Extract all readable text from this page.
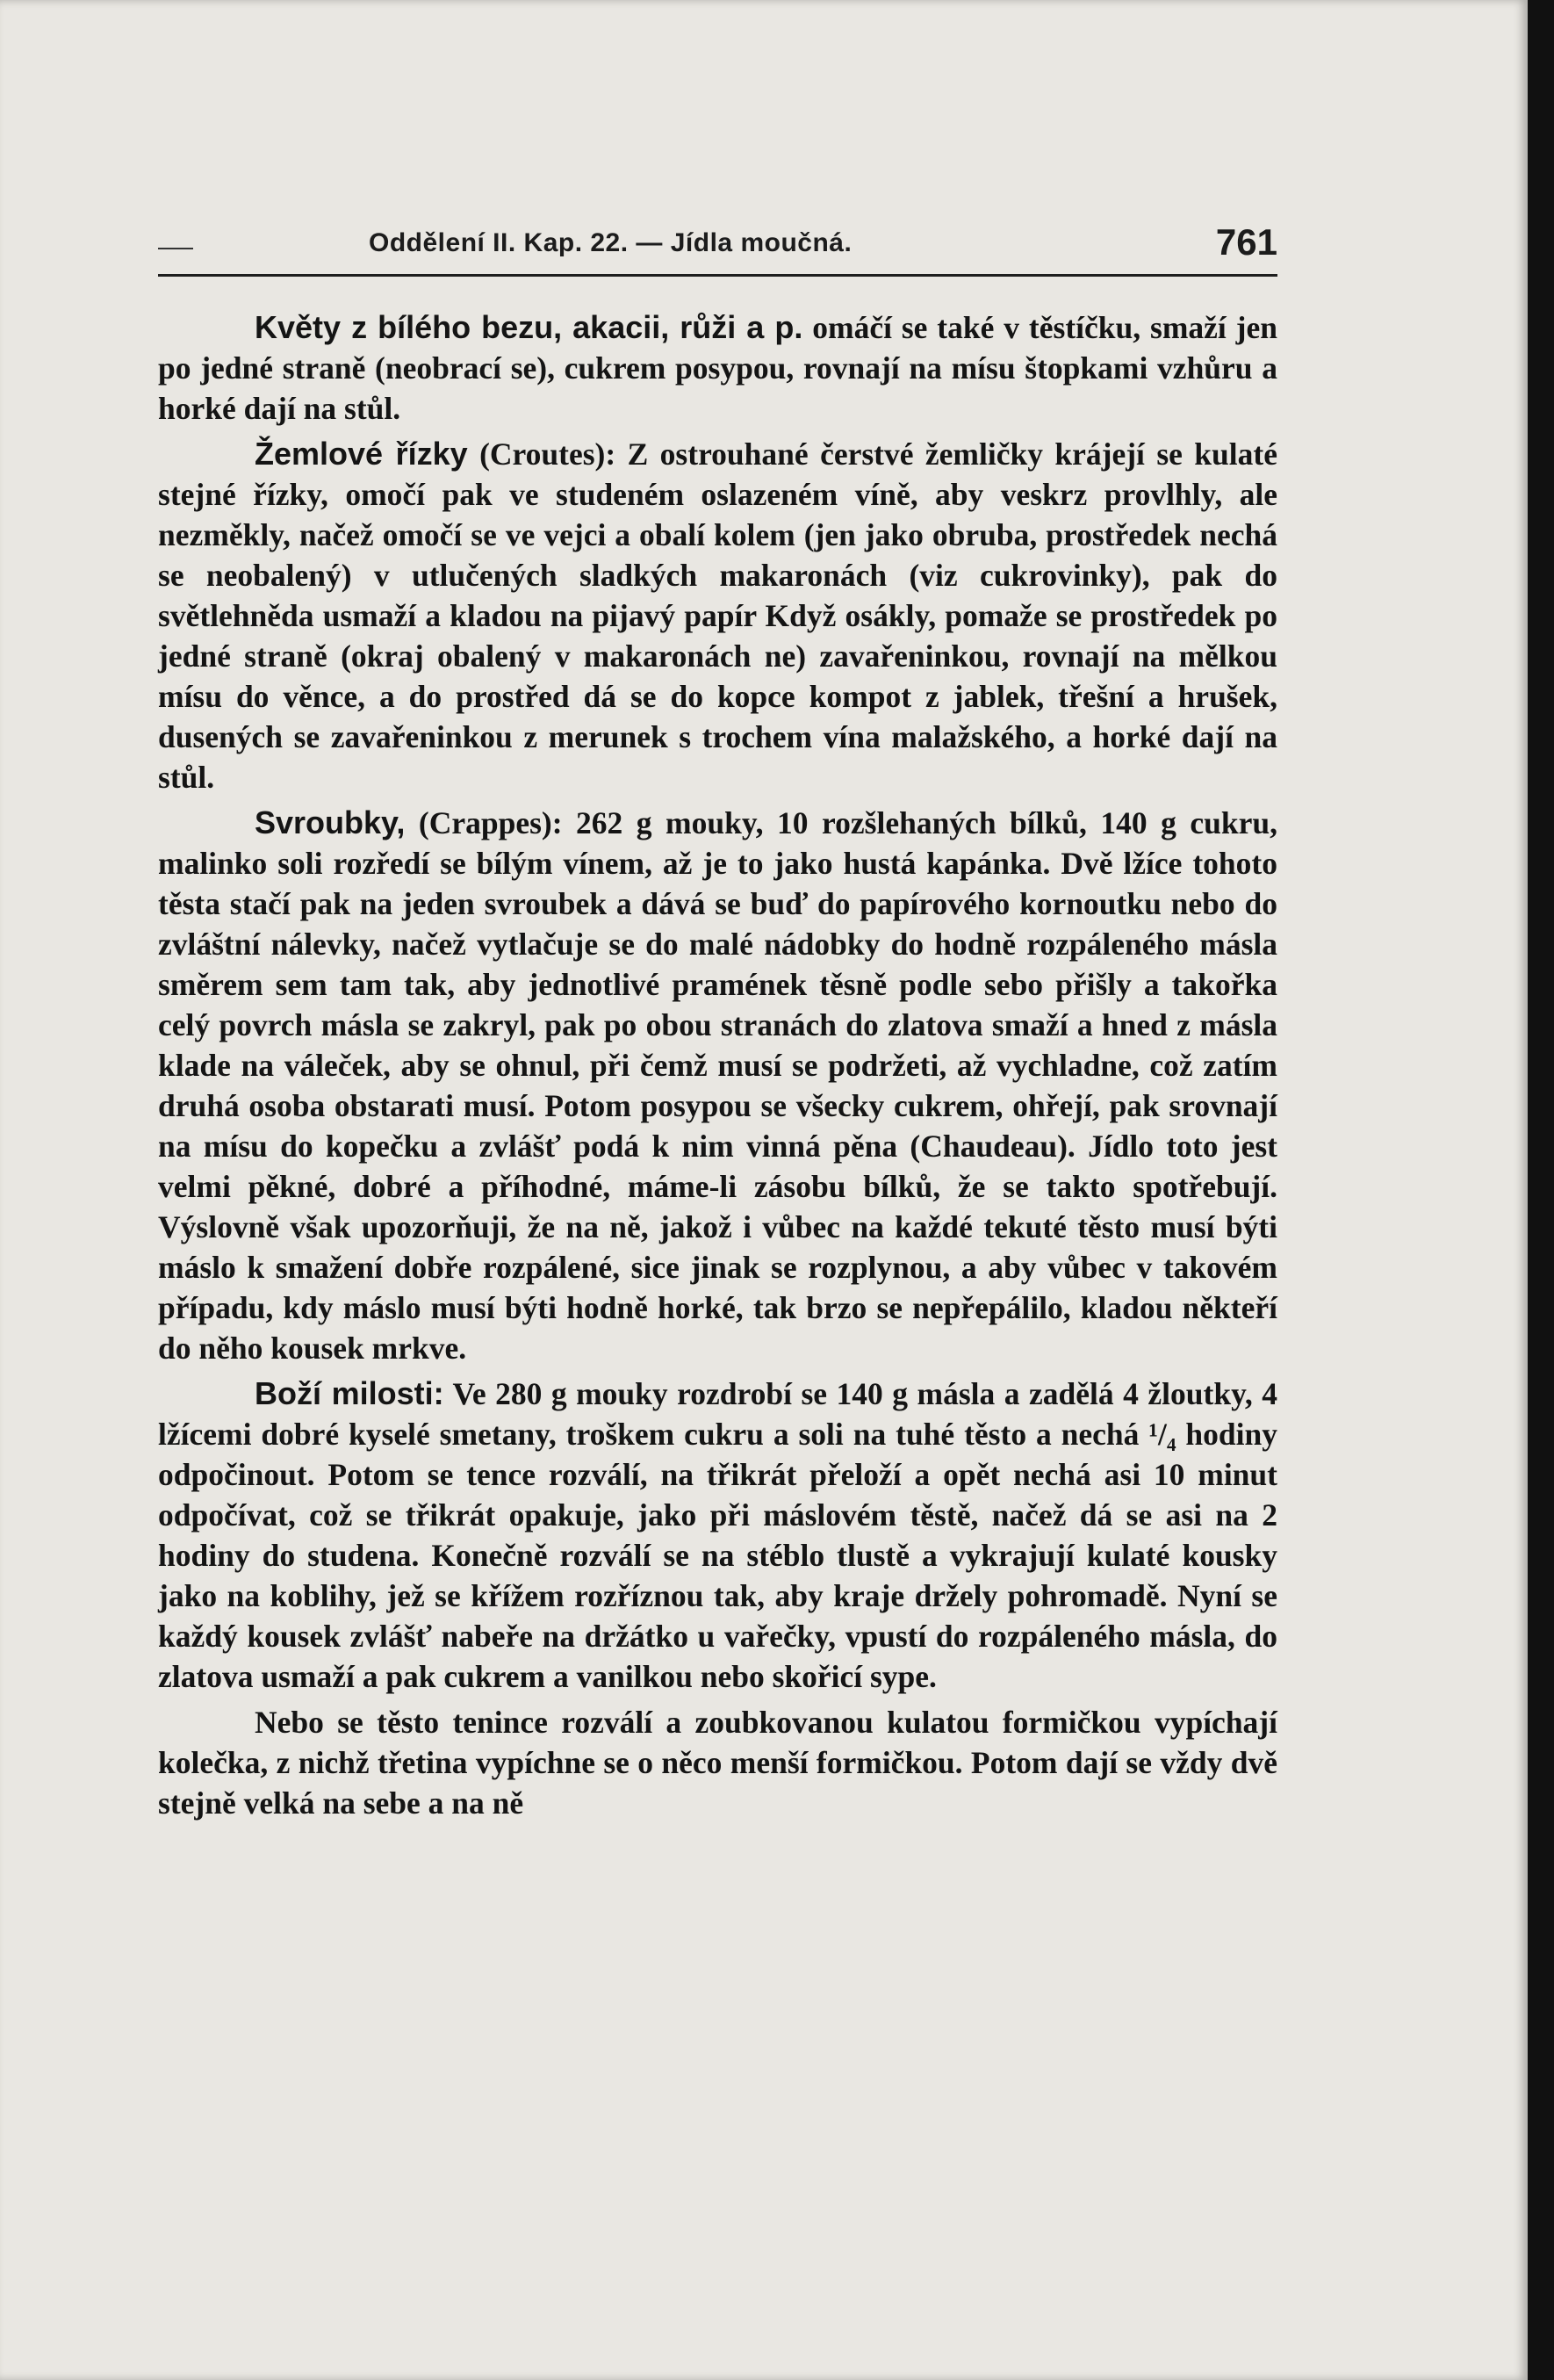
Oddělení II. Kap. 22. — Jídla moučná.	761

Květy z bílého bezu, akacii, růži a p. omáčí se také v těstíčku, smaží jen po jedné straně (neobrací se), cukrem posypou, rovnají na mísu štopkami vzhůru a horké dají na stůl.

Žemlové řízky (Croutes): Z ostrouhané čerstvé žemličky krájejí se kulaté stejné řízky, omočí pak ve studeném oslazeném víně, aby veskrz provlhly, ale nezměkly, načež omočí se ve vejci a obalí kolem (jen jako obruba, prostředek nechá se neobalený) v utlučených sladkých makaronách (viz cukrovinky), pak do světlehněda usmaží a kladou na pijavý papír Když osákly, pomaže se prostředek po jedné straně (okraj obalený v makaronách ne) zavařeninkou, rovnají na mělkou mísu do věnce, a do prostřed dá se do kopce kompot z jablek, třešní a hrušek, dusených se zavařeninkou z merunek s trochem vína malažského, a horké dají na stůl.

Svroubky, (Crappes): 262 g mouky, 10 rozšlehaných bílků, 140 g cukru, malinko soli rozředí se bílým vínem, až je to jako hustá kapánka. Dvě lžíce tohoto těsta stačí pak na jeden svroubek a dává se buď do papírového kornoutku nebo do zvláštní nálevky, načež vytlačuje se do malé nádobky do hodně rozpáleného másla směrem sem tam tak, aby jednotlivé pramének těsně podle sebo přišly a takořka celý povrch másla se zakryl, pak po obou stranách do zlatova smaží a hned z másla klade na váleček, aby se ohnul, při čemž musí se podržeti, až vychladne, což zatím druhá osoba obstarati musí. Potom posypou se všecky cukrem, ohřejí, pak srovnají na mísu do kopečku a zvlášť podá k nim vinná pěna (Chaudeau). Jídlo toto jest velmi pěkné, dobré a příhodné, máme-li zásobu bílků, že se takto spotřebují. Výslovně však upozorňuji, že na ně, jakož i vůbec na každé tekuté těsto musí býti máslo k smažení dobře rozpálené, sice jinak se rozplynou, a aby vůbec v takovém případu, kdy máslo musí býti hodně horké, tak brzo se nepřepálilo, kladou někteří do něho kousek mrkve.

Boží milosti: Ve 280 g mouky rozdrobí se 140 g másla a zadělá 4 žloutky, 4 lžícemi dobré kyselé smetany, troškem cukru a soli na tuhé těsto a nechá ¹/₄ hodiny odpočinout. Potom se tence rozválí, na třikrát přeloží a opět nechá asi 10 minut odpočívat, což se třikrát opakuje, jako při máslovém těstě, načež dá se asi na 2 hodiny do studena. Konečně rozválí se na stéblo tlustě a vykrajují kulaté kousky jako na koblihy, jež se křížem rozříznou tak, aby kraje držely pohromadě. Nyní se každý kousek zvlášť nabeře na držátko u vařečky, vpustí do rozpáleného másla, do zlatova usmaží a pak cukrem a vanilkou nebo skořicí sype.

Nebo se těsto tenince rozválí a zoubkovanou kulatou formičkou vypíchají kolečka, z nichž třetina vypíchne se o něco menší formičkou. Potom dají se vždy dvě stejně velká na sebe a na ně
